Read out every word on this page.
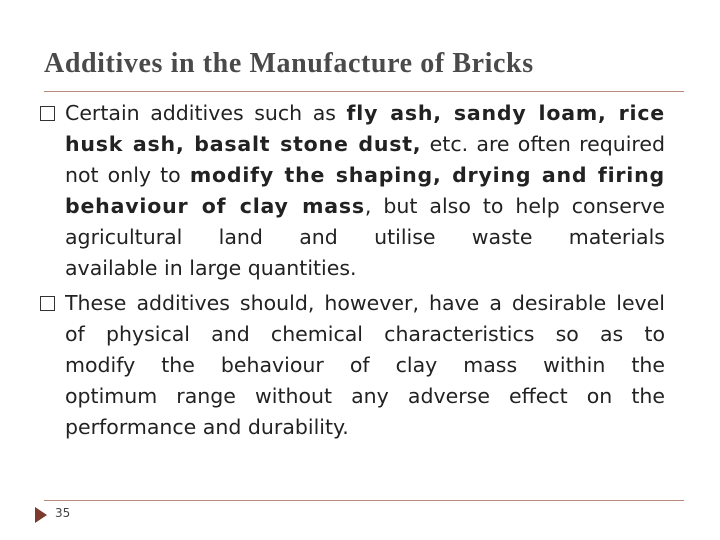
Additives in the Manufacture of Bricks
Certain additives such as fly ash, sandy loam, rice
husk ash, basalt stone dust, etc. are often required
not only to modify the shaping, drying and firing
behaviour of clay mass, but also to help conserve
agricultural land and utilise waste materials
available in large quantities.
These additives should, however, have a desirable level
of physical and chemical characteristics so as to
modify the behaviour of clay mass within the
optimum range without any adverse effect on the
performance and durability.
35
